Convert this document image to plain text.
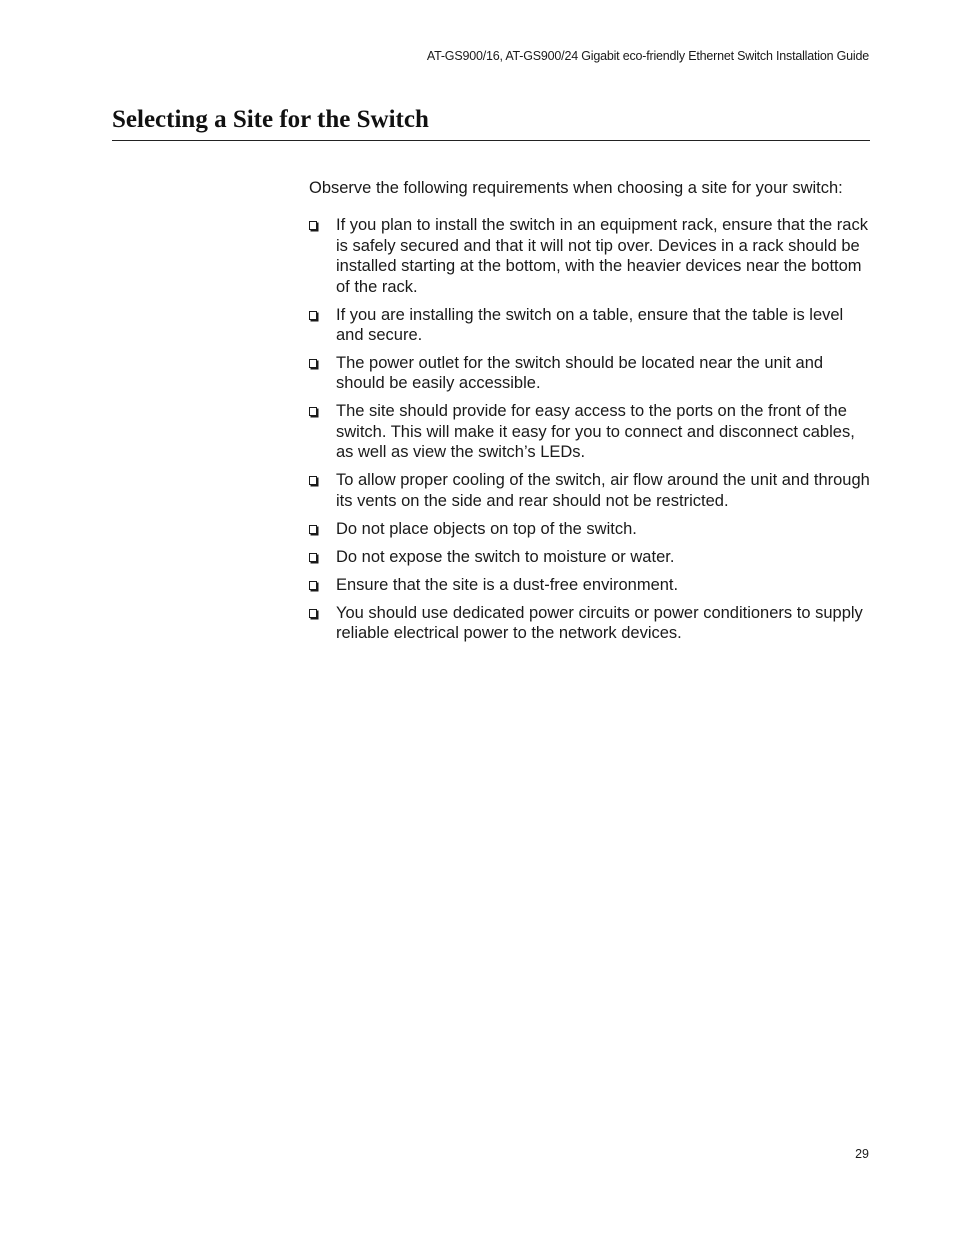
AT-GS900/16, AT-GS900/24 Gigabit eco-friendly Ethernet Switch Installation Guide
Selecting a Site for the Switch

Observe the following requirements when choosing a site for your switch:

If you plan to install the switch in an equipment rack, ensure that the rack is safely secured and that it will not tip over. Devices in a rack should be installed starting at the bottom, with the heavier devices near the bottom of the rack.
If you are installing the switch on a table, ensure that the table is level and secure.
The power outlet for the switch should be located near the unit and should be easily accessible.
The site should provide for easy access to the ports on the front of the switch. This will make it easy for you to connect and disconnect cables, as well as view the switch’s LEDs.
To allow proper cooling of the switch, air flow around the unit and through its vents on the side and rear should not be restricted.
Do not place objects on top of the switch.
Do not expose the switch to moisture or water.
Ensure that the site is a dust-free environment.
You should use dedicated power circuits or power conditioners to supply reliable electrical power to the network devices.
29
